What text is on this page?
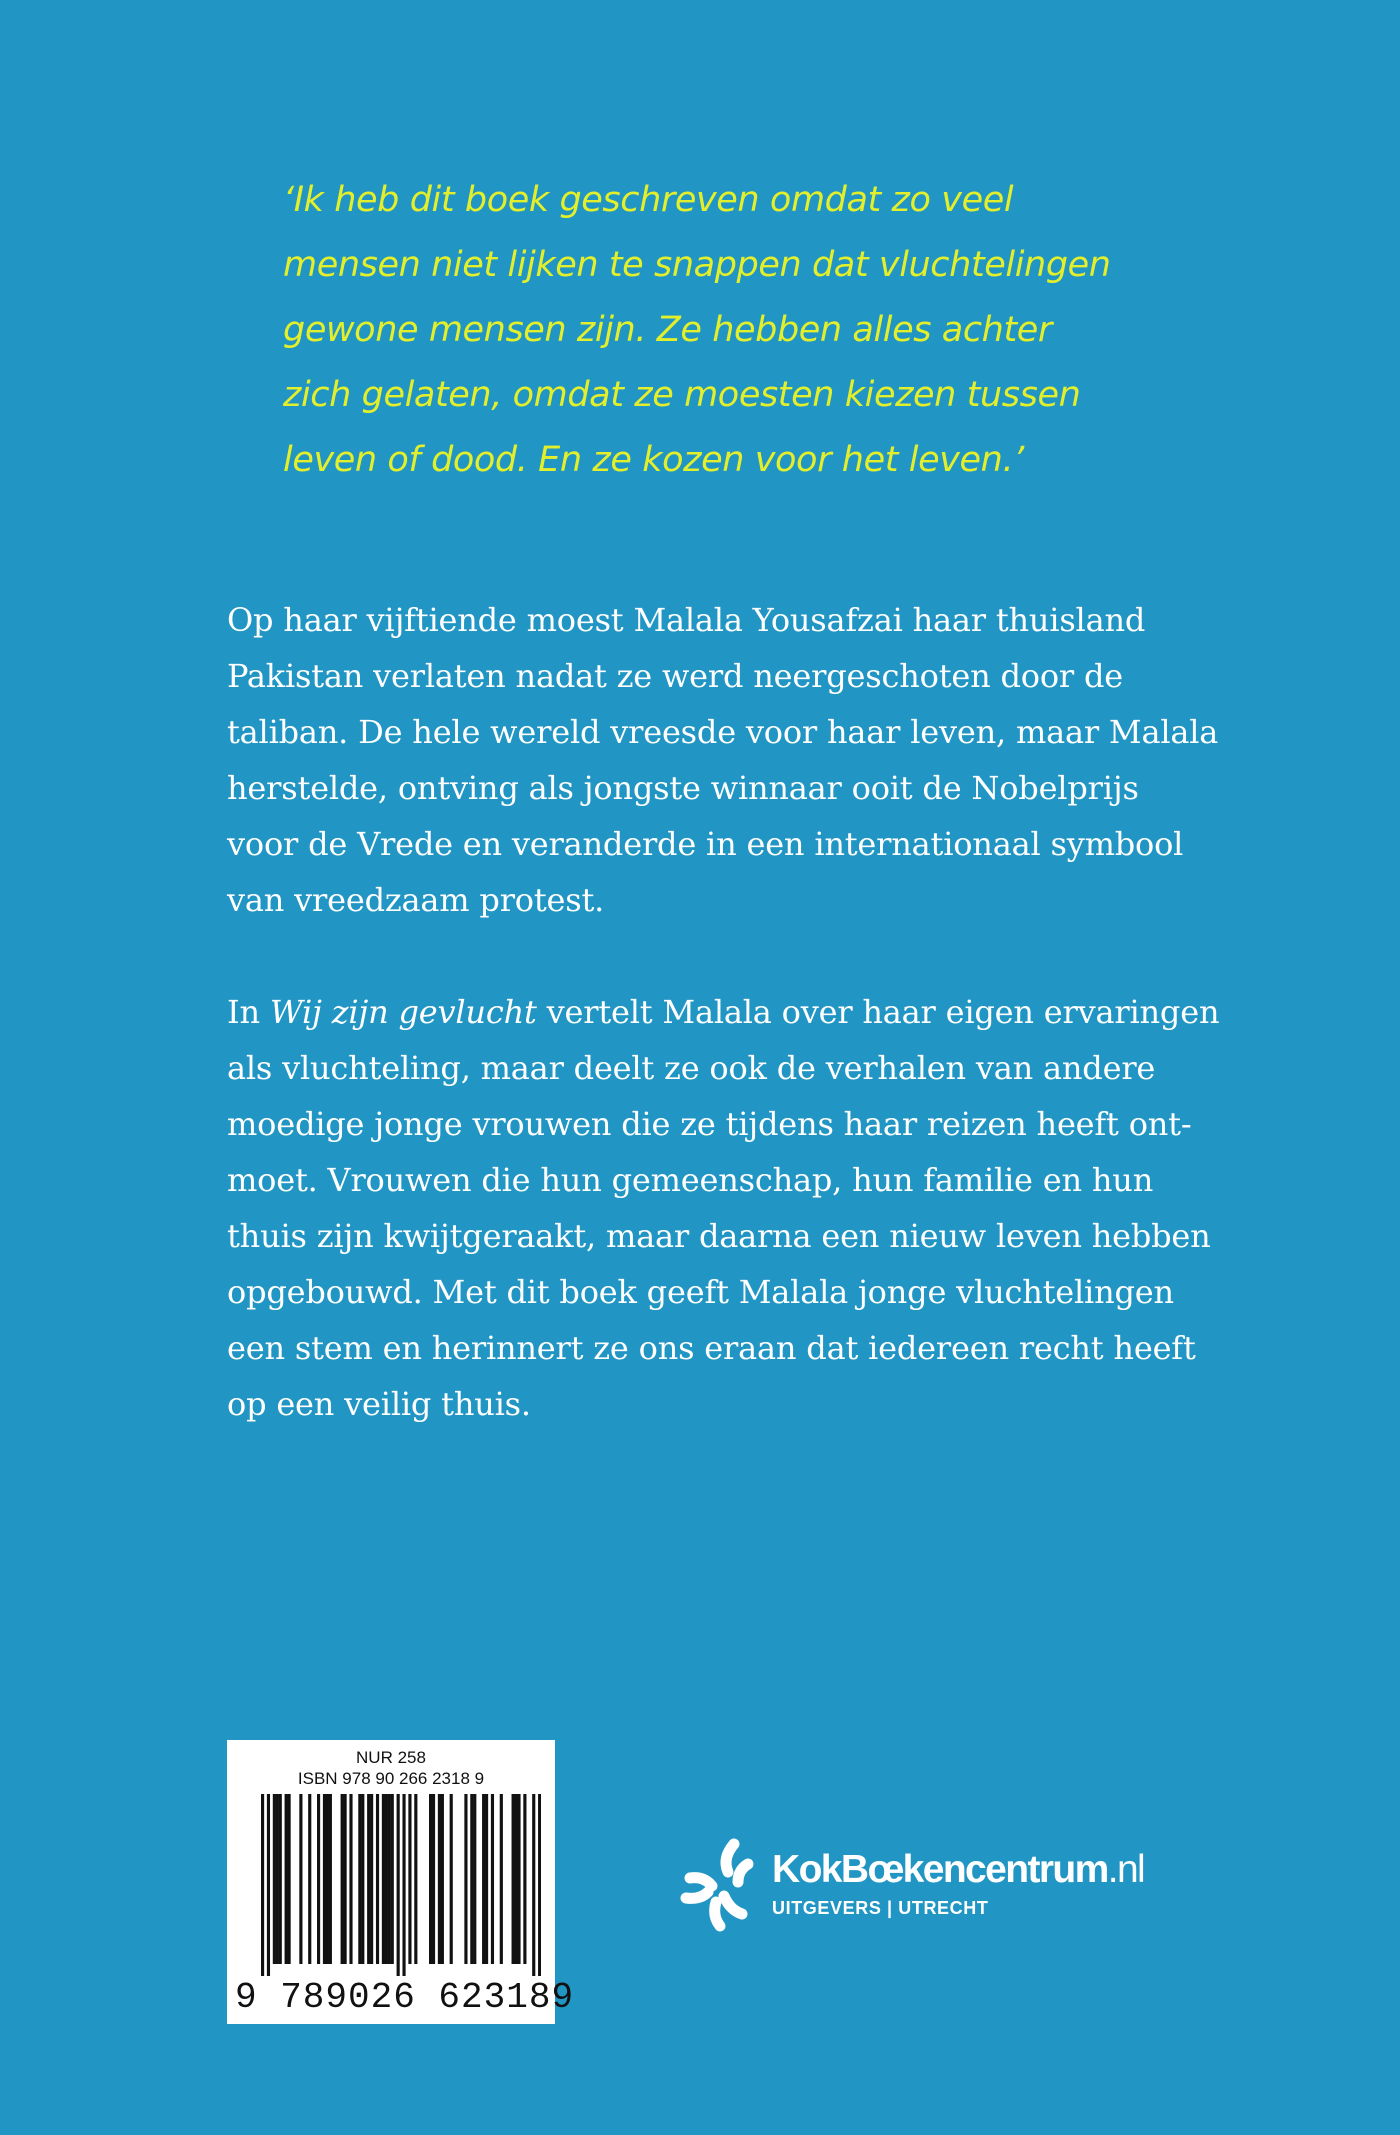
‘Ik heb dit boek geschreven omdat zo veel
mensen niet lijken te snappen dat vluchtelingen
gewone mensen zijn. Ze hebben alles achter
zich gelaten, omdat ze moesten kiezen tussen
leven of dood. En ze kozen voor het leven.’
Op haar vijftiende moest Malala Yousafzai haar thuisland
Pakistan verlaten nadat ze werd neergeschoten door de
taliban. De hele wereld vreesde voor haar leven, maar Malala
herstelde, ontving als jongste winnaar ooit de Nobelprijs
voor de Vrede en veranderde in een internationaal symbool
van vreedzaam protest.
In Wij zijn gevlucht vertelt Malala over haar eigen ervaringen
als vluchteling, maar deelt ze ook de verhalen van andere
moedige jonge vrouwen die ze tijdens haar reizen heeft ont-
moet. Vrouwen die hun gemeenschap, hun familie en hun
thuis zijn kwijtgeraakt, maar daarna een nieuw leven hebben
opgebouwd. Met dit boek geeft Malala jonge vluchtelingen
een stem en herinnert ze ons eraan dat iedereen recht heeft
op een veilig thuis.
NUR 258
ISBN 978 90 266 2318 9
9 789026 623189
KokBœkencentrum.nl
UITGEVERS | UTRECHT
